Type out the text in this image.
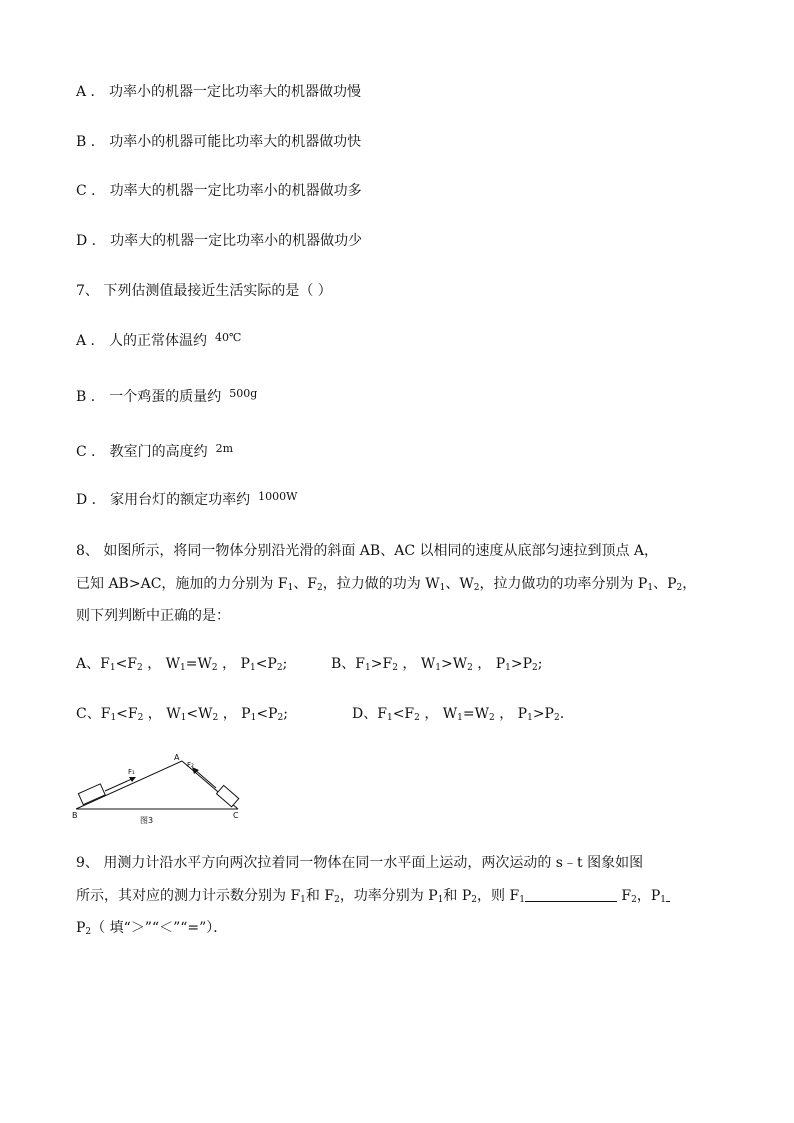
A ． 功率小的机器一定比功率大的机器做功慢
B ． 功率小的机器可能比功率大的机器做功快
C ． 功率大的机器一定比功率小的机器做功多
D ． 功率大的机器一定比功率小的机器做功少
7、 下列估测值最接近生活实际的是（ ）
A ． 人的正常体温约 $^{40℃}$
B ． 一个鸡蛋的质量约 $^{500g}$
C ． 教室门的高度约 $^{2m}$
D ． 家用台灯的额定功率约 $^{1000W}$
8、 如图所示，将同一物体分别沿光滑的斜面 AB、AC 以相同的速度从底部匀速拉到顶点 A，
已知 AB>AC，施加的力分别为 $F_1$、$F_2$，拉力做的功为 $W_1$、$W_2$，拉力做功的功率分别为 $P_1$、$P_2$，
则下列判断中正确的是：
A、$F_1<F_2$ ， $W_1=W_2$ ， $P_1<P_2$;	B、$F_1>F_2$ ， $W_1>W_2$ ， $P_1>P_2$;
C、$F_1<F_2$ ， $W_1<W_2$ ， $P_1<P_2$;	D、$F_1<F_2$ ， $W_1=W_2$ ， $P_1>P_2$.
A
B	C
F₁
F₂
图3
9、 用测力计沿水平方向两次拉着同一物体在同一水平面上运动，两次运动的 s﹣t 图象如图
所示，其对应的测力计示数分别为 $F_1$和 $F_2$，功率分别为 $P_1$和 $P_2$，则 $F_1$	$F_2$，$P_1$
$P_2$（ 填“＞”“＜”“=”）．
